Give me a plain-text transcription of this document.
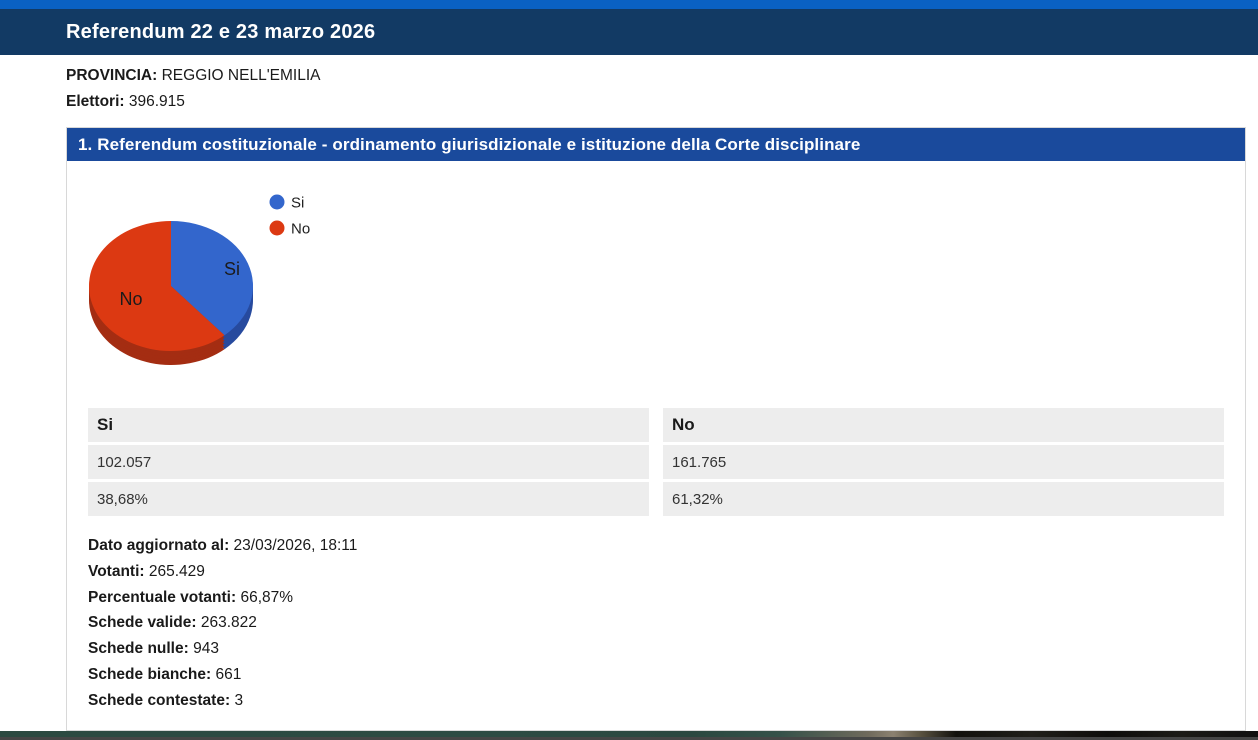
Referendum 22 e 23 marzo 2026
PROVINCIA: REGGIO NELL'EMILIA
Elettori: 396.915
1. Referendum costituzionale - ordinamento giurisdizionale e istituzione della Corte disciplinare
Si
No
Si
No
Si
102.057
38,68%
No
161.765
61,32%
Dato aggiornato al: 23/03/2026, 18:11
Votanti: 265.429
Percentuale votanti: 66,87%
Schede valide: 263.822
Schede nulle: 943
Schede bianche: 661
Schede contestate: 3
